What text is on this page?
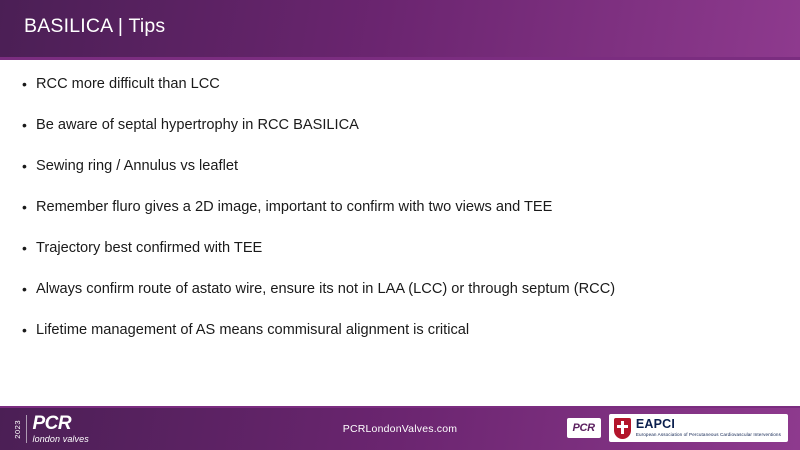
BASILICA | Tips
• RCC more difficult than LCC
• Be aware of septal hypertrophy in RCC BASILICA
• Sewing ring / Annulus vs leaflet
• Remember fluro gives a 2D image, important to confirm with two views and TEE
• Trajectory best confirmed with TEE
• Always confirm route of astato wire, ensure its not in LAA (LCC) or through septum (RCC)
• Lifetime management of AS means commisural alignment is critical
2023 PCR
london valves
PCRLondonValves.com	PCR	EAPCI
European Association of Percutaneous Cardiovascular Interventions
